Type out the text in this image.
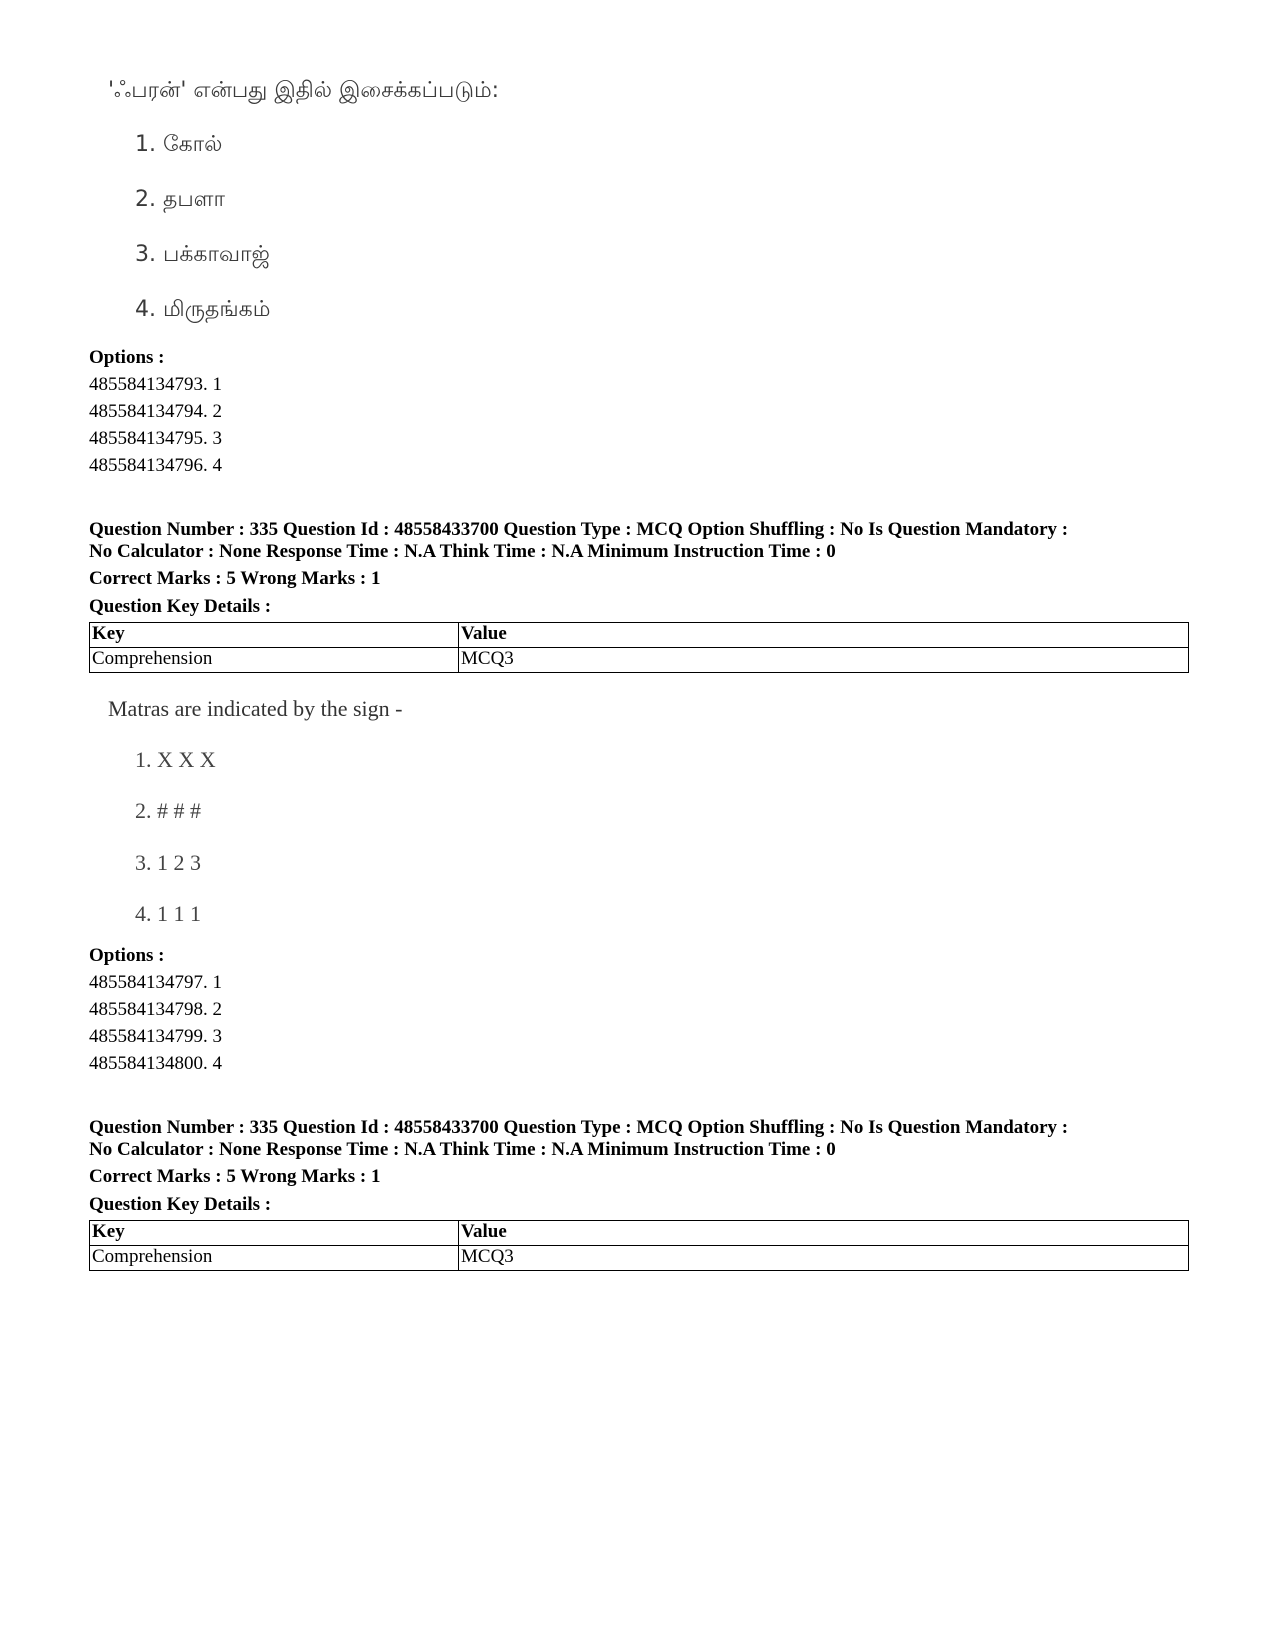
'ஃபரன்' என்பது இதில் இசைக்கப்படும்:
1. கோல்
2. தபளா
3. பக்காவாஜ்
4. மிருதங்கம்
Options :
485584134793. 1
485584134794. 2
485584134795. 3
485584134796. 4
Question Number : 335 Question Id : 48558433700 Question Type : MCQ Option Shuffling : No Is Question Mandatory :
No Calculator : None Response Time : N.A Think Time : N.A Minimum Instruction Time : 0
Correct Marks : 5 Wrong Marks : 1
Question Key Details :
Key	Value
Comprehension	MCQ3
Matras are indicated by the sign -
1. X X X
2. # # #
3. 1 2 3
4. 1 1 1
Options :
485584134797. 1
485584134798. 2
485584134799. 3
485584134800. 4
Question Number : 335 Question Id : 48558433700 Question Type : MCQ Option Shuffling : No Is Question Mandatory :
No Calculator : None Response Time : N.A Think Time : N.A Minimum Instruction Time : 0
Correct Marks : 5 Wrong Marks : 1
Question Key Details :
Key	Value
Comprehension	MCQ3
